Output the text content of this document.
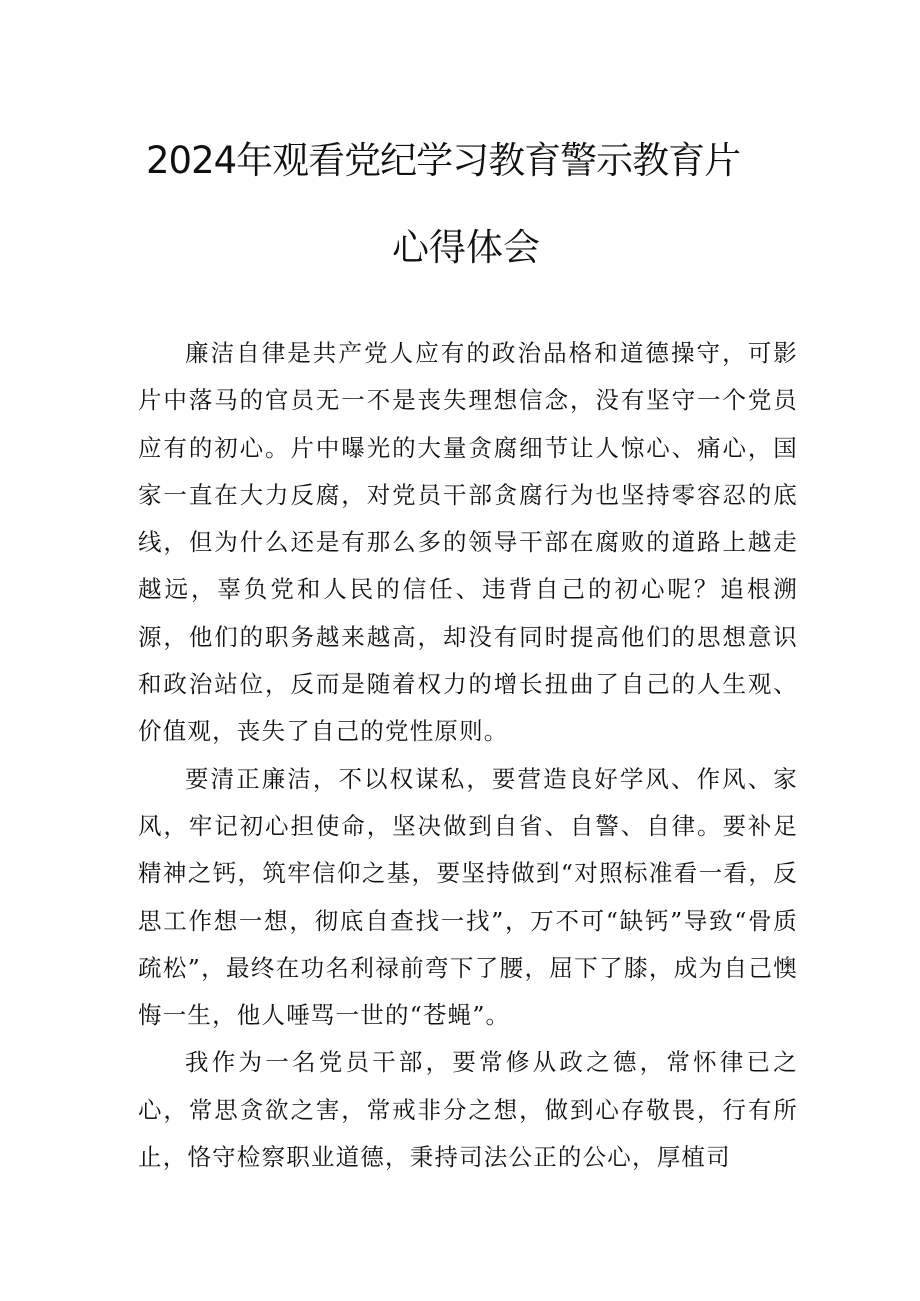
2024年观看党纪学习教育警示教育片
心得体会

廉洁自律是共产党人应有的政治品格和道德操守，可影片中落马的官员无一不是丧失理想信念，没有坚守一个党员应有的初心。片中曝光的大量贪腐细节让人惊心、痛心，国家一直在大力反腐，对党员干部贪腐行为也坚持零容忍的底线，但为什么还是有那么多的领导干部在腐败的道路上越走越远，辜负党和人民的信任、违背自己的初心呢？追根溯源，他们的职务越来越高，却没有同时提高他们的思想意识和政治站位，反而是随着权力的增长扭曲了自己的人生观、价值观，丧失了自己的党性原则。

要清正廉洁，不以权谋私，要营造良好学风、作风、家风，牢记初心担使命，坚决做到自省、自警、自律。要补足精神之钙，筑牢信仰之基，要坚持做到“对照标准看一看，反思工作想一想，彻底自查找一找”，万不可“缺钙”导致“骨质疏松”，最终在功名利禄前弯下了腰，屈下了膝，成为自己懊悔一生，他人唾骂一世的“苍蝇”。

我作为一名党员干部，要常修从政之德，常怀律已之心，常思贪欲之害，常戒非分之想，做到心存敬畏，行有所止，恪守检察职业道德，秉持司法公正的公心，厚植司
